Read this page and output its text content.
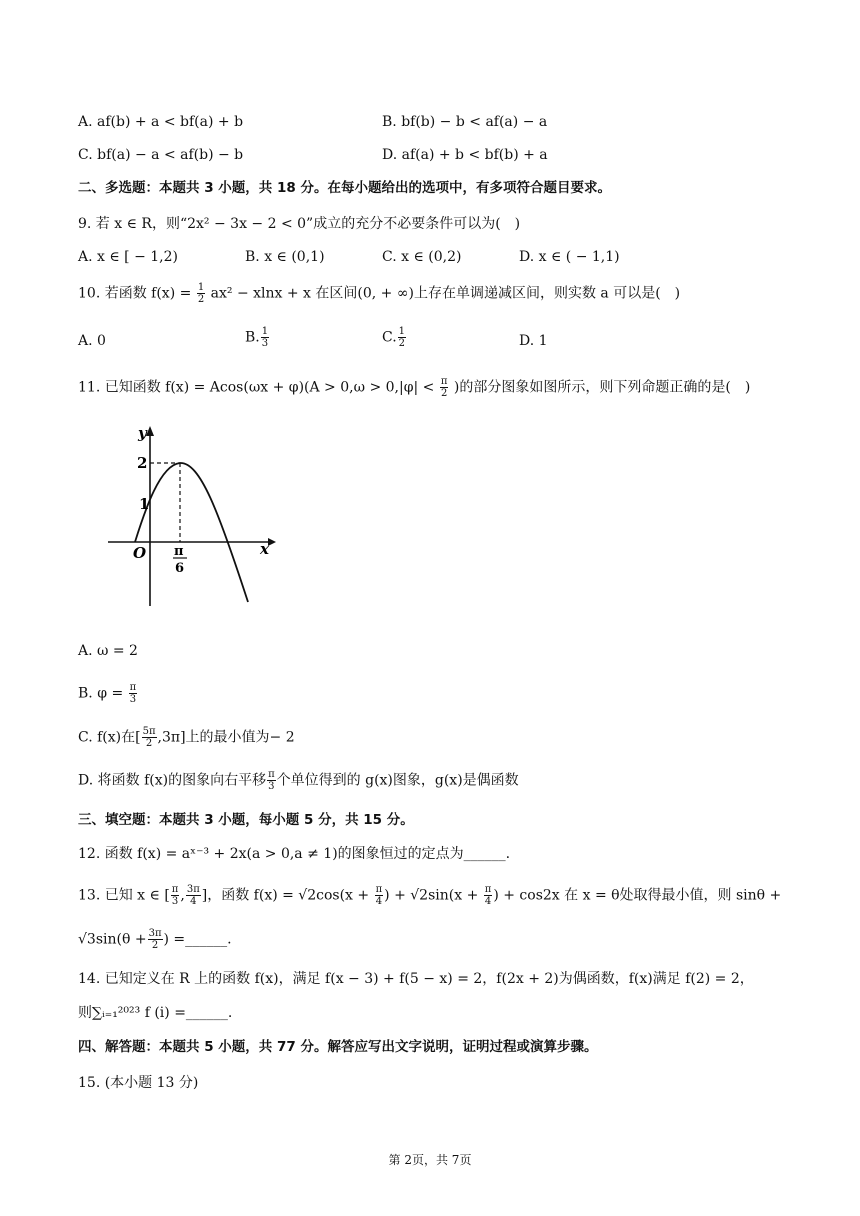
A. af(b) + a < bf(a) + b	B. bf(b) − b < af(a) − a
C. bf(a) − a < af(b) − b	D. af(a) + b < bf(b) + a
二、多选题：本题共 3 小题，共 18 分。在每小题给出的选项中，有多项符合题目要求。
9. 若 x ∈ R，则“2x² − 3x − 2 < 0”成立的充分不必要条件可以为(　)
A. x ∈ [ − 1,2)	B. x ∈ (0,1)	C. x ∈ (0,2)	D. x ∈ ( − 1,1)
10. 若函数 $f(x) = \frac{1}{2} ax^2 - xlnx + x$ 在区间(0, + ∞)上存在单调递减区间，则实数 a 可以是(　)
A. 0	B. $\frac{1}{3}$	C. $\frac{1}{2}$	D. 1
11. 已知函数 $f(x) = Acos(\omega x + \varphi)(A > 0,\omega > 0,|\varphi| < \frac{\pi}{2}$ )的部分图象如图所示，则下列命题正确的是(　)
y
x
O
2
1
π
6
A. ω = 2
B. $\varphi = \frac{\pi}{3}$
C. f(x)在[ $\frac{5\pi}{2} ,3\pi$]上的最小值为− 2
D. 将函数 f(x)的图象向右平移 $\frac{\pi}{3}$ 个单位得到的 g(x)图象，g(x)是偶函数
三、填空题：本题共 3 小题，每小题 5 分，共 15 分。
12. 函数 f(x) = aˣ⁻³ + 2x(a > 0,a ≠ 1)的图象恒过的定点为______.
13. 已知 x ∈ [ $\frac{\pi}{3}$ , $\frac{3\pi}{4}$ ]，函数 $f(x) = √2\cos(x + \frac{\pi}{4}$ ) + $√2\sin(x + \frac{\pi}{4}$ ) + cos2x 在 x = θ处取得最小值，则 sinθ +
$√3\sin(\theta + \frac{3\pi}{2}$ ) =______.
14. 已知定义在 R 上的函数 f(x)，满足 f(x − 3) + f(5 − x) = 2，f(2x + 2)为偶函数，f(x)满足 f(2) = 2，
则∑ᵢ₌₁²⁰²³ f (i) =______.
四、解答题：本题共 5 小题，共 77 分。解答应写出文字说明，证明过程或演算步骤。
15. (本小题 13 分)
第 2页，共 7页
